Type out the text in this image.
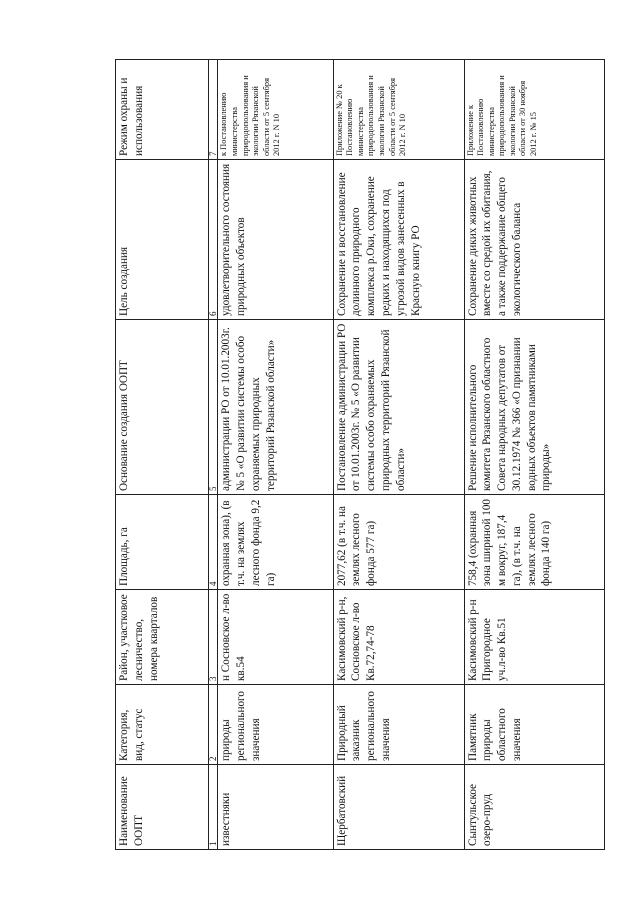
Наименование ООПТ	Категория, вид, статус	Район, участковое лесничество, номера кварталов	Площадь, га	Основание создания ООПТ	Цель создания	Режим охраны и использования
1	2	3	4	5	6	7
известняки	природы регионального значения	н Сосновское л-во кв.54	охранная зона), (в т.ч. на землях лесного фонда 9,2 га)	администрации РО от 10.01.2003г. № 5 «О развитии системы особо охраняемых природных территорий Рязанской области»	удовлетворительного состояния природных объектов	к Постановлению министерства природопользования и экологии Рязанской области от 5 сентября 2012 г. N 10
Щербатовский	Природный заказник регионального значения	Касимовский р-н, Сосновское л-во Кв.72,74-78	2077,62 (в т.ч. на землях лесного фонда 577 га)	Постановление администрации РО от 10.01.2003г. № 5 «О развитии системы особо охраняемых природных территорий Рязанской области»	Сохранение и восстановление долинного природного комплекса р.Оки, сохранение редких и находящихся под угрозой видов занесенных в Красную книгу РО	Приложение № 20 к Постановлению министерства природопользования и экологии Рязанской области от 5 сентября 2012 г. N 10
Сынтульское озеро-пруд	Памятник природы областного значения	Касимовский р-н Пригородное уч.л-во Кв.51	758,4 (охранная зона шириной 100 м вокруг, 187,4 га), (в т.ч. на землях лесного фонда 140 га)	Решение исполнительного комитета Рязанского областного Совета народных депутатов от 30.12.1974 № 366 «О признании водных объектов памятниками природы»	Сохранение диких животных вместе со средой их обитания, а также поддержание общего экологического баланса	Приложение к Постановлению министерства природопользования и экологии Рязанской области от 30 ноября 2012 г. № 15
